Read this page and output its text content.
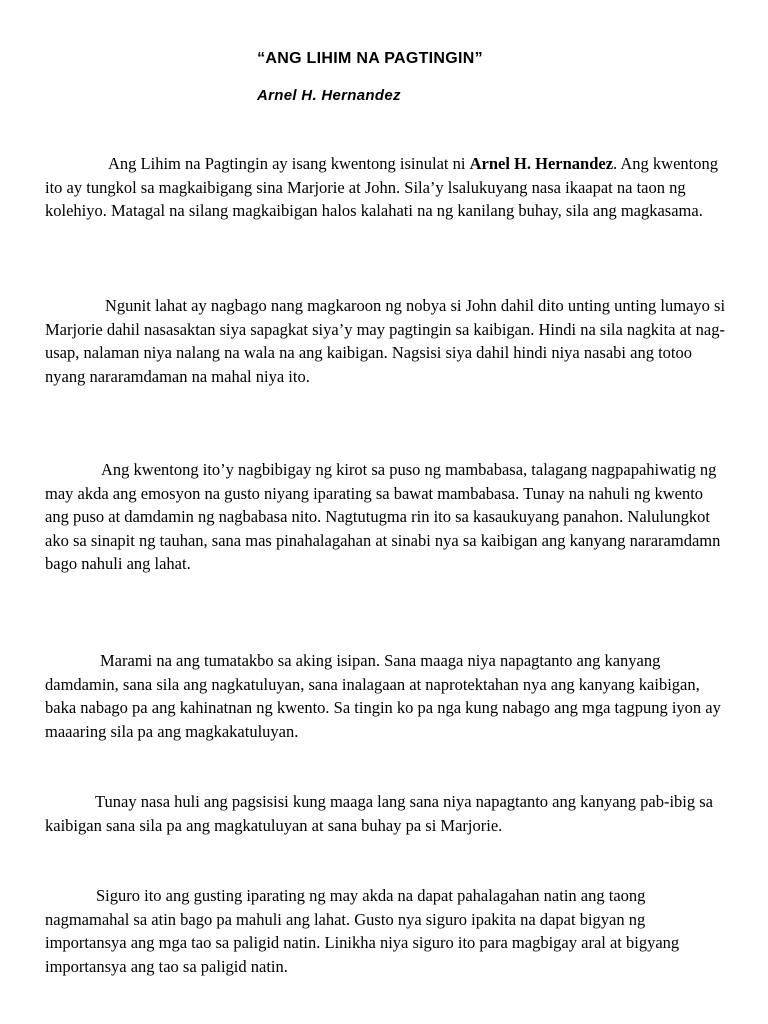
“ANG LIHIM NA PAGTINGIN”
Arnel H. Hernandez

Ang Lihim na Pagtingin ay isang kwentong isinulat ni Arnel H. Hernandez. Ang kwentong ito ay tungkol sa magkaibigang sina Marjorie at John. Sila’y lsalukuyang nasa ikaapat na taon ng kolehiyo. Matagal na silang magkaibigan halos kalahati na ng kanilang buhay, sila ang magkasama.

Ngunit lahat ay nagbago nang magkaroon ng nobya si John dahil dito unting unting lumayo si Marjorie dahil nasasaktan siya sapagkat siya’y may pagtingin sa kaibigan. Hindi na sila nagkita at nag-usap, nalaman niya nalang na wala na ang kaibigan. Nagsisi siya dahil hindi niya nasabi ang totoo nyang nararamdaman na mahal niya ito.

Ang kwentong ito’y nagbibigay ng kirot sa puso ng mambabasa, talagang nagpapahiwatig ng may akda ang emosyon na gusto niyang iparating sa bawat mambabasa. Tunay na nahuli ng kwento ang puso at damdamin ng nagbabasa nito. Nagtutugma rin ito sa kasaukuyang panahon. Nalulungkot ako sa sinapit ng tauhan, sana mas pinahalagahan at sinabi nya sa kaibigan ang kanyang nararamdamn bago nahuli ang lahat.

Marami na ang tumatakbo sa aking isipan. Sana maaga niya napagtanto ang kanyang damdamin, sana sila ang nagkatuluyan, sana inalagaan at naprotektahan nya ang kanyang kaibigan, baka nabago pa ang kahinatnan ng kwento. Sa tingin ko pa nga kung nabago ang mga tagpung iyon ay maaaring sila pa ang magkakatuluyan.

Tunay nasa huli ang pagsisisi kung maaga lang sana niya napagtanto ang kanyang pab-ibig sa kaibigan sana sila pa ang magkatuluyan at sana buhay pa si Marjorie.

Siguro ito ang gusting iparating ng may akda na dapat pahalagahan natin ang taong nagmamahal sa atin bago pa mahuli ang lahat. Gusto nya siguro ipakita na dapat bigyan ng importansya ang mga tao sa paligid natin. Linikha niya siguro ito para magbigay aral at bigyang importansya ang tao sa paligid natin.
